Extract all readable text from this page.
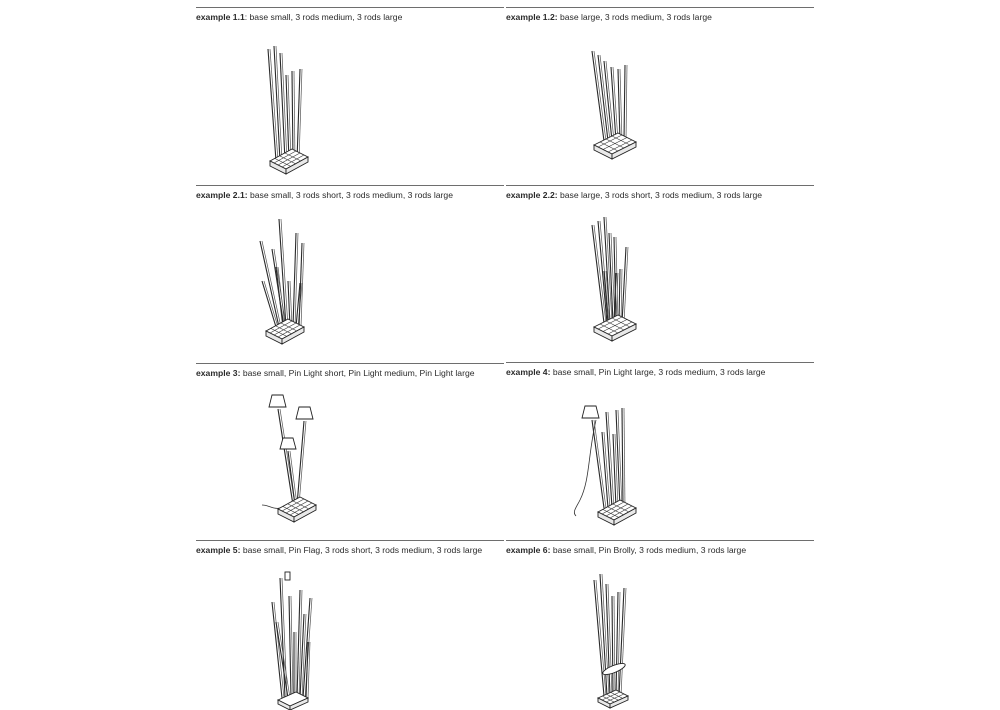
example 1.1: base small, 3 rods medium, 3 rods large	example 1.2: base large, 3 rods medium, 3 rods large
example 2.1: base small, 3 rods short, 3 rods medium, 3 rods large	example 2.2: base large, 3 rods short, 3 rods medium, 3 rods large
example 3: base small, Pin Light short, Pin Light medium, Pin Light large	example 4: base small, Pin Light large, 3 rods medium, 3 rods large
example 5: base small, Pin Flag, 3 rods short, 3 rods medium, 3 rods large	example 6: base small, Pin Brolly, 3 rods medium, 3 rods large
